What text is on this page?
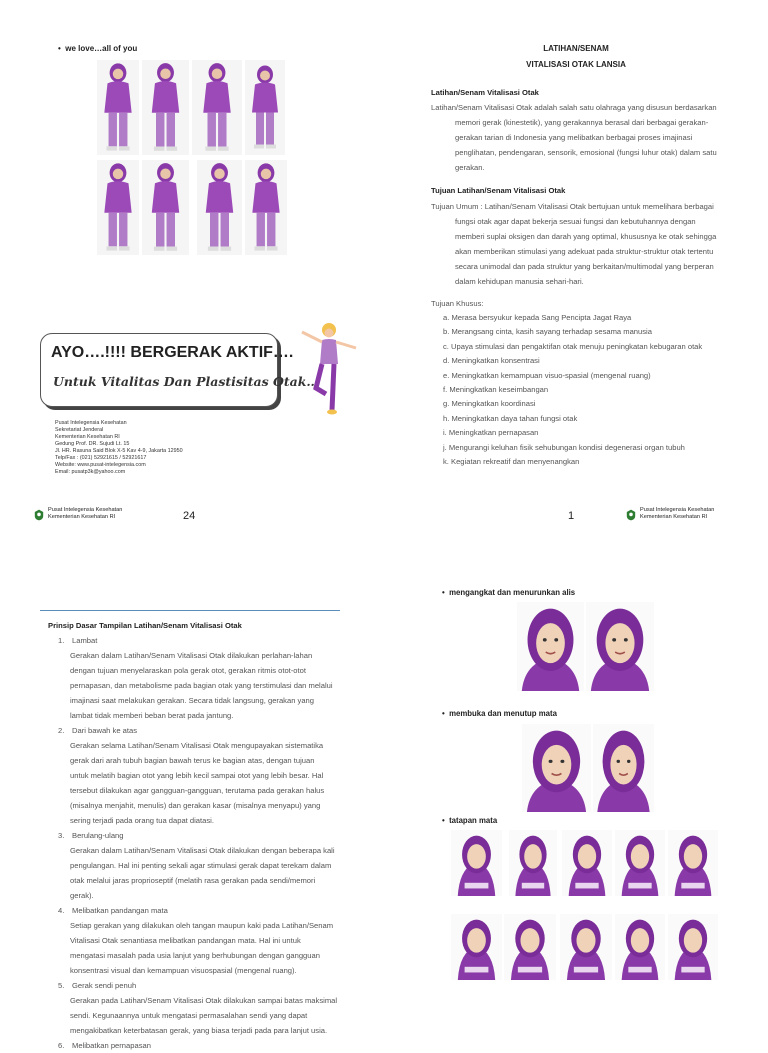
•  we love…all of you
AYO….!!!! BERGERAK AKTIF….
Untuk Vitalitas Dan Plastisitas Otak…
Pusat Intelegensia Kesehatan
Sekretariat Jenderal
Kementerian Kesehatan RI
Gedung Prof. DR. Sujudi Lt. 15
Jl. HR. Rasuna Said Blok X-5 Kav 4-9, Jakarta 12950
Telp/Fax : (021) 52921615 / 52921617
Website: www.pusat-intelegensia.com
Email: pusatp3k@yahoo.com
Pusat Intelegensia Kesehatan
Kementerian Kesehatan RI	24
LATIHAN/SENAM
VITALISASI OTAK LANSIA
Latihan/Senam Vitalisasi Otak
Latihan/Senam Vitalisasi Otak adalah salah satu olahraga yang disusun berdasarkan
memori gerak (kinestetik), yang gerakannya berasal dari berbagai gerakan-
gerakan tarian di Indonesia yang melibatkan berbagai proses imajinasi
penglihatan, pendengaran, sensorik, emosional (fungsi luhur otak) dalam satu
gerakan.
Tujuan Latihan/Senam Vitalisasi Otak
Tujuan Umum : Latihan/Senam Vitalisasi Otak bertujuan untuk memelihara berbagai
fungsi otak agar dapat bekerja sesuai fungsi dan kebutuhannya dengan
memberi suplai oksigen dan darah yang optimal, khususnya ke otak sehingga
akan memberikan stimulasi yang adekuat pada struktur-struktur otak tertentu
secara unimodal dan pada struktur yang berkaitan/multimodal yang berperan
dalam kehidupan manusia sehari-hari.
Tujuan Khusus:
a. Merasa bersyukur kepada Sang Pencipta Jagat Raya
b. Merangsang cinta, kasih sayang terhadap sesama manusia
c. Upaya stimulasi dan pengaktifan otak menuju peningkatan kebugaran otak
d. Meningkatkan konsentrasi
e. Meningkatkan kemampuan visuo-spasial (mengenal ruang)
f. Meningkatkan keseimbangan
g. Meningkatkan koordinasi
h. Meningkatkan daya tahan fungsi otak
i. Meningkatkan pernapasan
j. Mengurangi keluhan fisik sehubungan kondisi degenerasi organ tubuh
k. Kegiatan rekreatif dan menyenangkan
1	Pusat Intelegensia Kesehatan
Kementerian Kesehatan RI
Prinsip Dasar Tampilan Latihan/Senam Vitalisasi Otak
1.	Lambat
Gerakan dalam Latihan/Senam Vitalisasi Otak dilakukan perlahan-lahan
dengan tujuan menyelaraskan pola gerak otot, gerakan ritmis otot-otot
pernapasan, dan metabolisme pada bagian otak yang terstimulasi dan melalui
imajinasi saat melakukan gerakan. Secara tidak langsung, gerakan yang
lambat tidak memberi beban berat pada jantung.
2.	Dari bawah ke atas
Gerakan selama Latihan/Senam Vitalisasi Otak mengupayakan sistematika
gerak dari arah tubuh bagian bawah terus ke bagian atas, dengan tujuan
untuk melatih bagian otot yang lebih kecil sampai otot yang lebih besar. Hal
tersebut dilakukan agar gangguan-gangguan, terutama pada gerakan halus
(misalnya menjahit, menulis) dan gerakan kasar (misalnya menyapu) yang
sering terjadi pada orang tua dapat diatasi.
3.	Berulang-ulang
Gerakan dalam Latihan/Senam Vitalisasi Otak dilakukan dengan beberapa kali
pengulangan. Hal ini penting sekali agar stimulasi gerak dapat terekam dalam
otak melalui jaras proprioseptif (melatih rasa gerakan pada sendi/memori
gerak).
4.	Melibatkan pandangan mata
Setiap gerakan yang dilakukan oleh tangan maupun kaki pada Latihan/Senam
Vitalisasi Otak senantiasa melibatkan pandangan mata. Hal ini untuk
mengatasi masalah pada usia lanjut yang berhubungan dengan gangguan
konsentrasi visual dan kemampuan visuospasial (mengenal ruang).
5.	Gerak sendi penuh
Gerakan pada Latihan/Senam Vitalisasi Otak dilakukan sampai batas maksimal
sendi. Kegunaannya untuk mengatasi permasalahan sendi yang dapat
mengakibatkan keterbatasan gerak, yang biasa terjadi pada para lanjut usia.
6.	Melibatkan pernapasan
•  mengangkat dan menurunkan alis
•  membuka dan menutup mata
•  tatapan mata
